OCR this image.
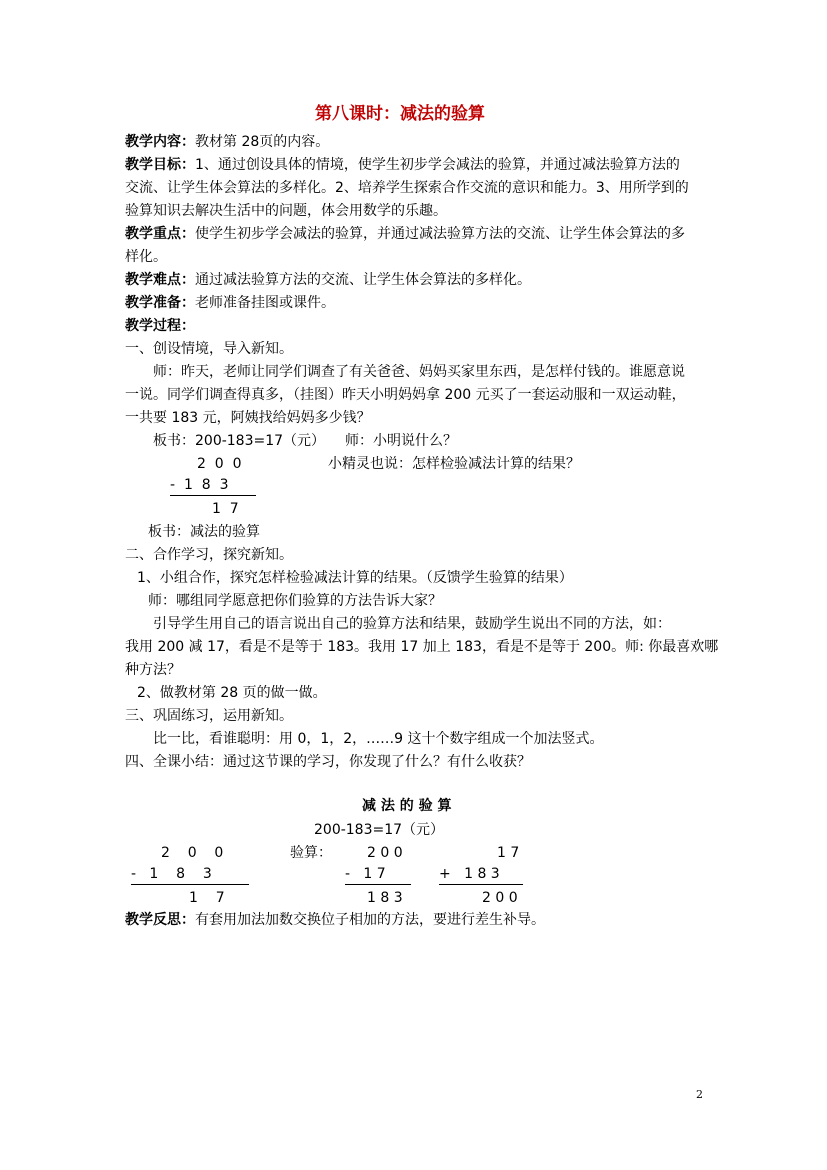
第八课时：减法的验算
教学内容：教材第 28页的内容。
教学目标：1、通过创设具体的情境，使学生初步学会减法的验算，并通过减法验算方法的
交流、让学生体会算法的多样化。2、培养学生探索合作交流的意识和能力。3、用所学到的
验算知识去解决生活中的问题，体会用数学的乐趣。
教学重点：使学生初步学会减法的验算，并通过减法验算方法的交流、让学生体会算法的多
样化。
教学难点：通过减法验算方法的交流、让学生体会算法的多样化。
教学准备：老师准备挂图或课件。
教学过程：
一、创设情境，导入新知。
师：昨天，老师让同学们调查了有关爸爸、妈妈买家里东西，是怎样付钱的。谁愿意说
一说。同学们调查得真多，（挂图）昨天小明妈妈拿 200 元买了一套运动服和一双运动鞋，
一共要 183 元，阿姨找给妈妈多少钱？
板书：200-183=17（元） 师：小明说什么？
2  0  0	小精灵也说：怎样检验减法计算的结果？
-  1  8  3
1  7
板书：减法的验算
二、合作学习，探究新知。
1、小组合作，探究怎样检验减法计算的结果。（反馈学生验算的结果）
师：哪组同学愿意把你们验算的方法告诉大家？
引导学生用自己的语言说出自己的验算方法和结果，鼓励学生说出不同的方法，如：
我用 200 减 17，看是不是等于 183。我用 17 加上 183，看是不是等于 200。师: 你最喜欢哪
种方法？
2、做教材第 28 页的做一做。
三、巩固练习，运用新知。
比一比，看谁聪明：用 0，1，2，……9 这十个数字组成一个加法竖式。
四、全课小结：通过这节课的学习，你发现了什么？有什么收获？
减 法 的 验 算
200-183=17（元）
2    0    0	验算：	2 0 0	1 7
-   1    8    3	-   1 7	+   1 8 3
1    7	1 8 3	2 0 0
教学反思：有套用加法加数交换位子相加的方法，要进行差生补导。
2
